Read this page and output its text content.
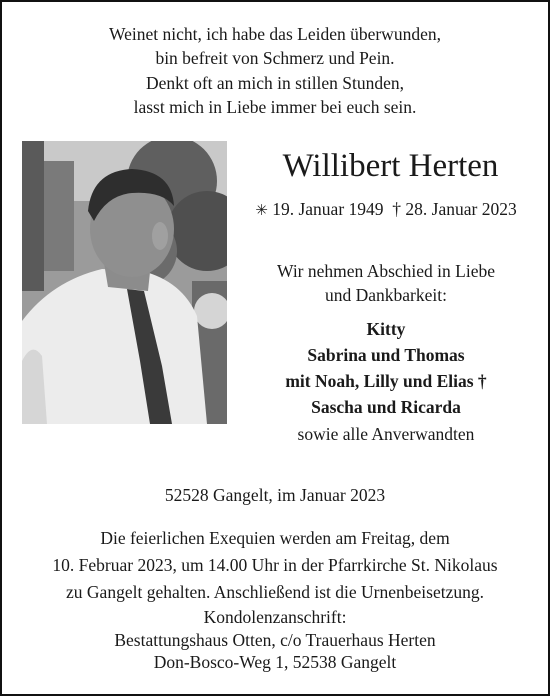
Weinet nicht, ich habe das Leiden überwunden,
bin befreit von Schmerz und Pein.
Denkt oft an mich in stillen Stunden,
lasst mich in Liebe immer bei euch sein.
Willibert Herten
✳ 19. Januar 1949 † 28. Januar 2023
Wir nehmen Abschied in Liebe
und Dankbarkeit:
Kitty
Sabrina und Thomas
mit Noah, Lilly und Elias †
Sascha und Ricarda
sowie alle Anverwandten
52528 Gangelt, im Januar 2023
Die feierlichen Exequien werden am Freitag, dem
10. Februar 2023, um 14.00 Uhr in der Pfarrkirche St. Nikolaus
zu Gangelt gehalten. Anschließend ist die Urnenbeisetzung.
Kondolenzanschrift:
Bestattungshaus Otten, c/o Trauerhaus Herten
Don-Bosco-Weg 1, 52538 Gangelt
